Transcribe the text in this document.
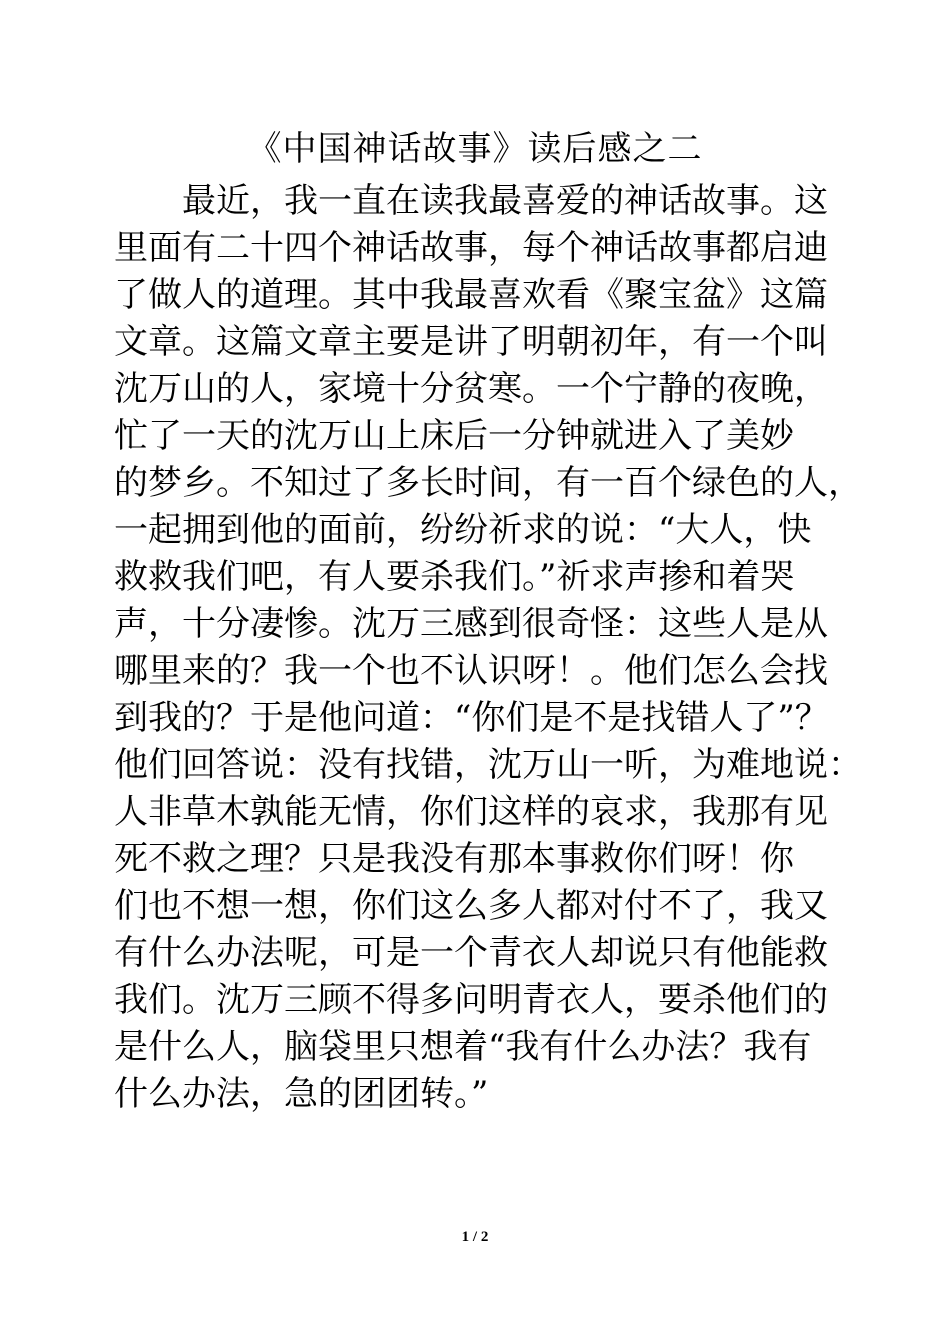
《中国神话故事》读后感之二
最近，我一直在读我最喜爱的神话故事。这
里面有二十四个神话故事，每个神话故事都启迪
了做人的道理。其中我最喜欢看《聚宝盆》这篇
文章。这篇文章主要是讲了明朝初年，有一个叫
沈万山的人，家境十分贫寒。一个宁静的夜晚，
忙了一天的沈万山上床后一分钟就进入了美妙
的梦乡。不知过了多长时间，有一百个绿色的人，
一起拥到他的面前，纷纷祈求的说：“大人，快
救救我们吧，有人要杀我们。”祈求声掺和着哭
声，十分凄惨。沈万三感到很奇怪：这些人是从
哪里来的？我一个也不认识呀！。他们怎么会找
到我的？于是他问道：“你们是不是找错人了”？
他们回答说：没有找错，沈万山一听，为难地说：
人非草木孰能无情，你们这样的哀求，我那有见
死不救之理？只是我没有那本事救你们呀！你
们也不想一想，你们这么多人都对付不了，我又
有什么办法呢，可是一个青衣人却说只有他能救
我们。沈万三顾不得多问明青衣人，要杀他们的
是什么人，脑袋里只想着“我有什么办法？我有
什么办法，急的团团转。”
1 / 2
